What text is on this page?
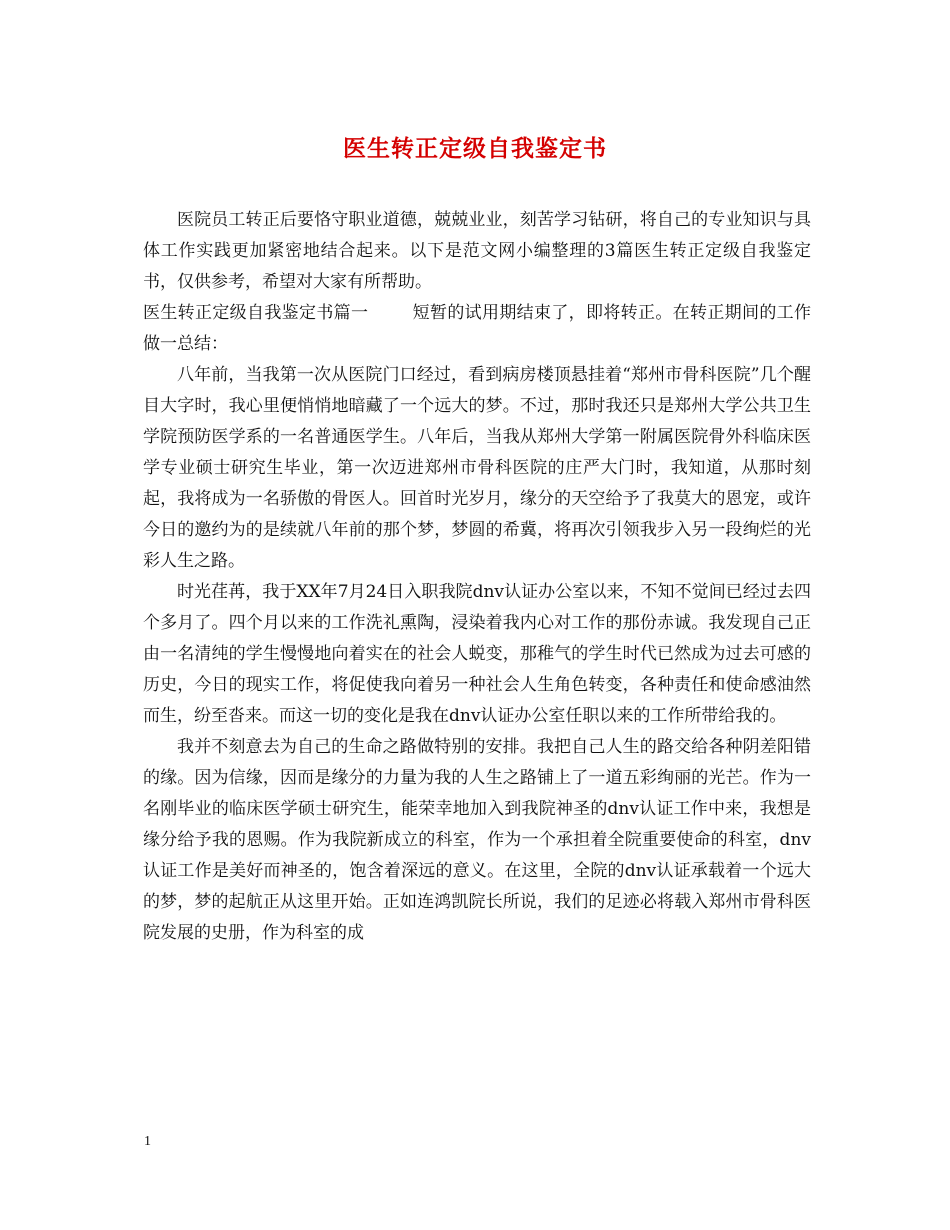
医生转正定级自我鉴定书

医院员工转正后要恪守职业道德，兢兢业业，刻苦学习钻研，将自己的专业知识与具体工作实践更加紧密地结合起来。以下是范文网小编整理的3篇医生转正定级自我鉴定书，仅供参考，希望对大家有所帮助。

医生转正定级自我鉴定书篇一	短暂的试用期结束了，即将转正。在转正期间的工作做一总结：

八年前，当我第一次从医院门口经过，看到病房楼顶悬挂着“郑州市骨科医院”几个醒目大字时，我心里便悄悄地暗藏了一个远大的梦。不过，那时我还只是郑州大学公共卫生学院预防医学系的一名普通医学生。八年后，当我从郑州大学第一附属医院骨外科临床医学专业硕士研究生毕业，第一次迈进郑州市骨科医院的庄严大门时，我知道，从那时刻起，我将成为一名骄傲的骨医人。回首时光岁月，缘分的天空给予了我莫大的恩宠，或许今日的邀约为的是续就八年前的那个梦，梦圆的希冀，将再次引领我步入另一段绚烂的光彩人生之路。

时光荏苒，我于XX年7月24日入职我院dnv认证办公室以来，不知不觉间已经过去四个多月了。四个月以来的工作洗礼熏陶，浸染着我内心对工作的那份赤诚。我发现自己正由一名清纯的学生慢慢地向着实在的社会人蜕变，那稚气的学生时代已然成为过去可感的历史，今日的现实工作，将促使我向着另一种社会人生角色转变，各种责任和使命感油然而生，纷至沓来。而这一切的变化是我在dnv认证办公室任职以来的工作所带给我的。

我并不刻意去为自己的生命之路做特别的安排。我把自己人生的路交给各种阴差阳错的缘。因为信缘，因而是缘分的力量为我的人生之路铺上了一道五彩绚丽的光芒。作为一名刚毕业的临床医学硕士研究生，能荣幸地加入到我院神圣的dnv认证工作中来，我想是缘分给予我的恩赐。作为我院新成立的科室，作为一个承担着全院重要使命的科室，dnv认证工作是美好而神圣的，饱含着深远的意义。在这里，全院的dnv认证承载着一个远大的梦，梦的起航正从这里开始。正如连鸿凯院长所说，我们的足迹必将载入郑州市骨科医院发展的史册，作为科室的成

1
